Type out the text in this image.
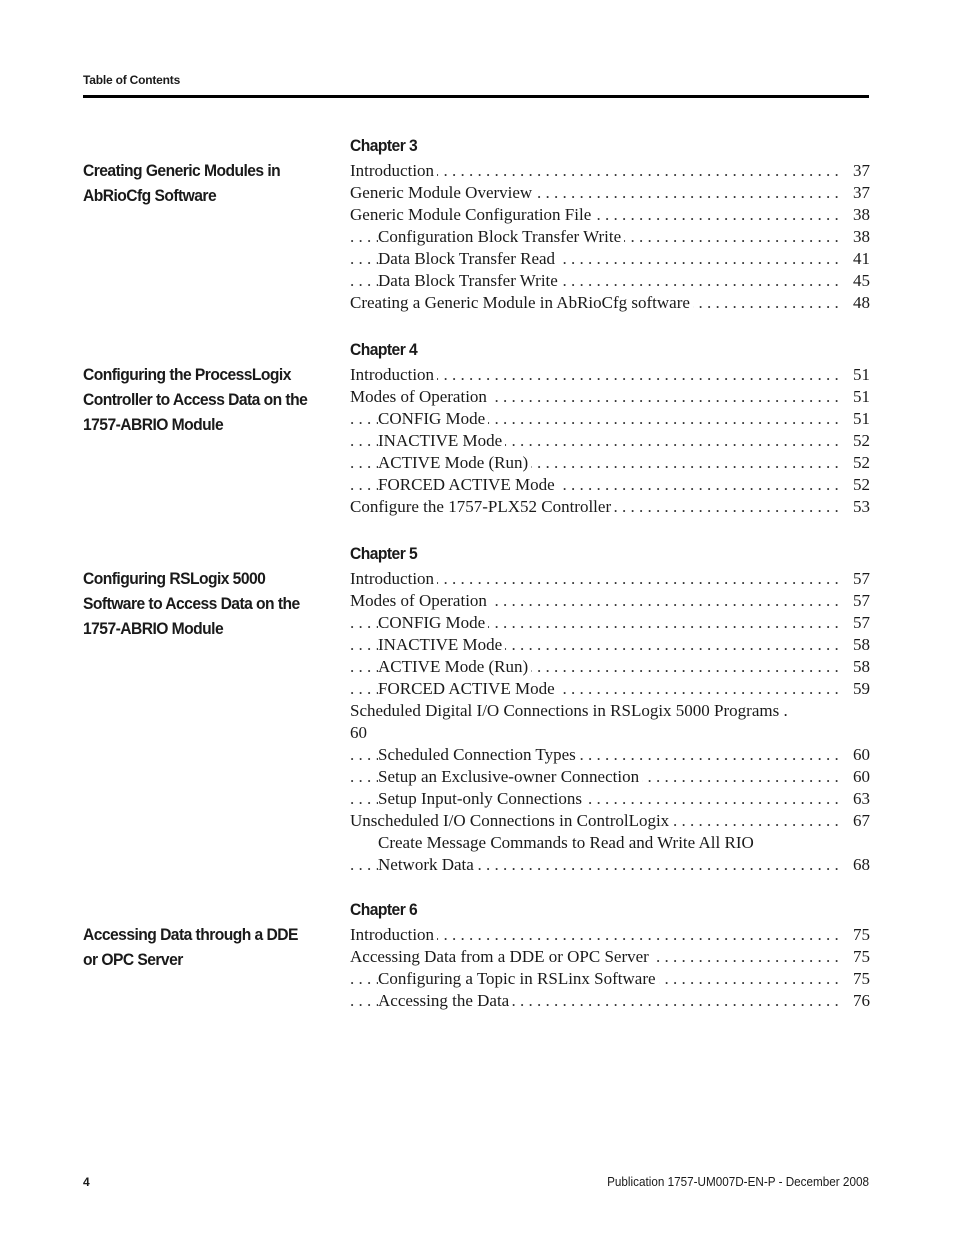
Table of Contents
Chapter 3
Creating Generic Modules in AbRioCfg Software
. . .
Introduction	37
. . .
Generic Module Overview	37
. . .
Generic Module Configuration File	38
. . .
Configuration Block Transfer Write	38
. . .
Data Block Transfer Read	41
. . .
Data Block Transfer Write	45
. . .
Creating a Generic Module in AbRioCfg software	48
Chapter 4
Configuring the ProcessLogix Controller to Access Data on the 1757-ABRIO Module
. . .
Introduction	51
. . .
Modes of Operation	51
. . .
CONFIG Mode	51
. . .
INACTIVE Mode	52
. . .
ACTIVE Mode (Run)	52
. . .
FORCED ACTIVE Mode	52
. . .
Configure the 1757-PLX52 Controller	53
Chapter 5
Configuring RSLogix 5000 Software to Access Data on the 1757-ABRIO Module
. . .
Introduction	57
. . .
Modes of Operation	57
. . .
CONFIG Mode	57
. . .
INACTIVE Mode	58
. . .
ACTIVE Mode (Run)	58
. . .
FORCED ACTIVE Mode	59
Scheduled Digital I/O Connections in RSLogix 5000 Programs .
60
. . .
Scheduled Connection Types	60
. . .
Setup an Exclusive-owner Connection	60
. . .
Setup Input-only Connections	63
. . .
Unscheduled I/O Connections in ControlLogix	67
Create Message Commands to Read and Write All RIO
. . .
Network Data	68
Chapter 6
Accessing Data through a DDE or OPC Server
. . .
Introduction	75
. . .
Accessing Data from a DDE or OPC Server	75
. . .
Configuring a Topic in RSLinx Software	75
. . .
Accessing the Data	76
4	Publication 1757-UM007D-EN-P - December 2008
